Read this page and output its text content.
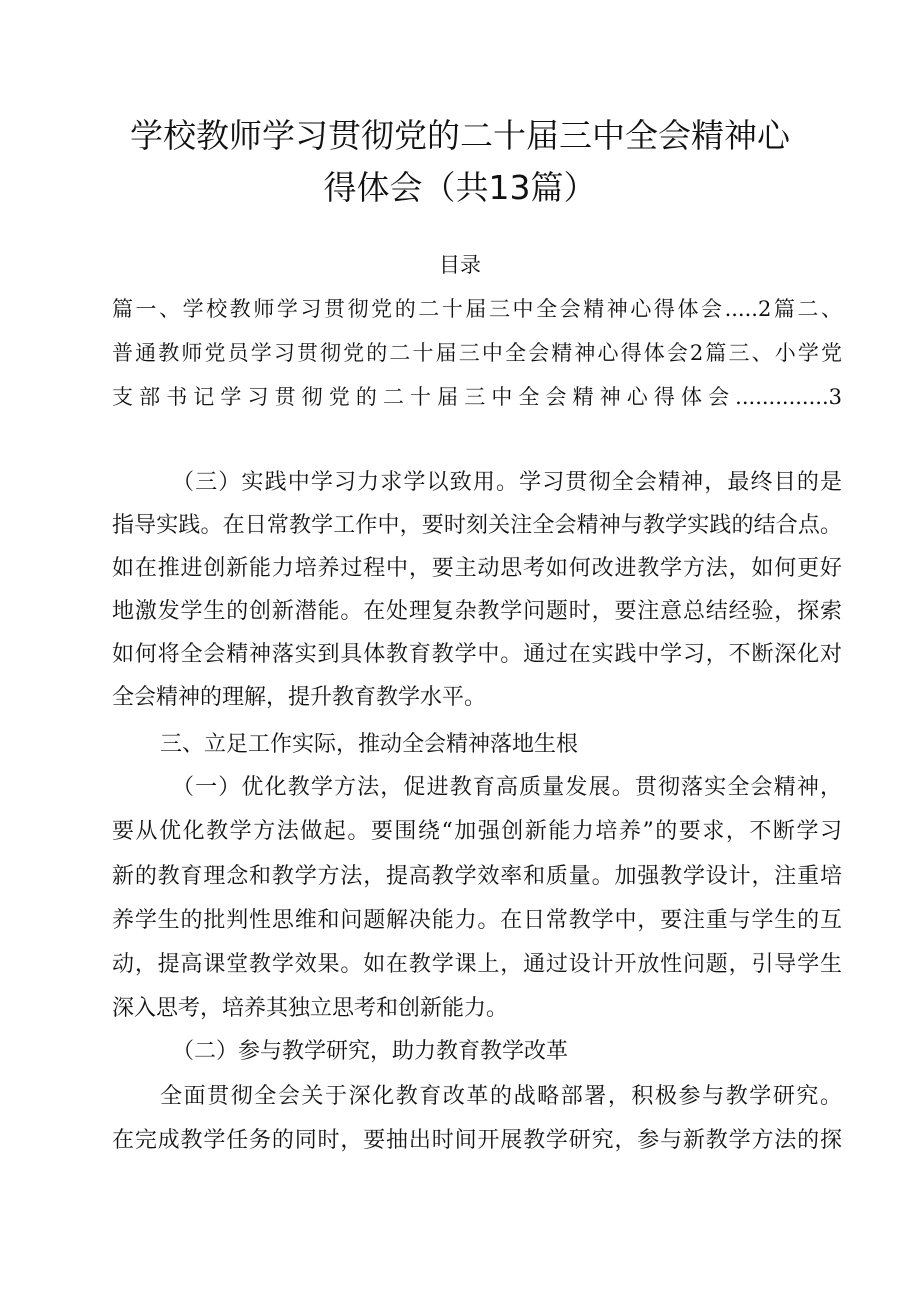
学校教师学习贯彻党的二十届三中全会精神心
得体会（共13篇）
目录
篇一、学校教师学习贯彻党的二十届三中全会精神心得体会.....2篇二、
普通教师党员学习贯彻党的二十届三中全会精神心得体会2篇三、小学党
支部书记学习贯彻党的二十届三中全会精神心得体会..............3
（三）实践中学习力求学以致用。学习贯彻全会精神，最终目的是
指导实践。在日常教学工作中，要时刻关注全会精神与教学实践的结合点。
如在推进创新能力培养过程中，要主动思考如何改进教学方法，如何更好
地激发学生的创新潜能。在处理复杂教学问题时，要注意总结经验，探索
如何将全会精神落实到具体教育教学中。通过在实践中学习，不断深化对
全会精神的理解，提升教育教学水平。
三、立足工作实际，推动全会精神落地生根
（一）优化教学方法，促进教育高质量发展。贯彻落实全会精神，
要从优化教学方法做起。要围绕“加强创新能力培养”的要求，不断学习
新的教育理念和教学方法，提高教学效率和质量。加强教学设计，注重培
养学生的批判性思维和问题解决能力。在日常教学中，要注重与学生的互
动，提高课堂教学效果。如在教学课上，通过设计开放性问题，引导学生
深入思考，培养其独立思考和创新能力。
（二）参与教学研究，助力教育教学改革
全面贯彻全会关于深化教育改革的战略部署，积极参与教学研究。
在完成教学任务的同时，要抽出时间开展教学研究，参与新教学方法的探
